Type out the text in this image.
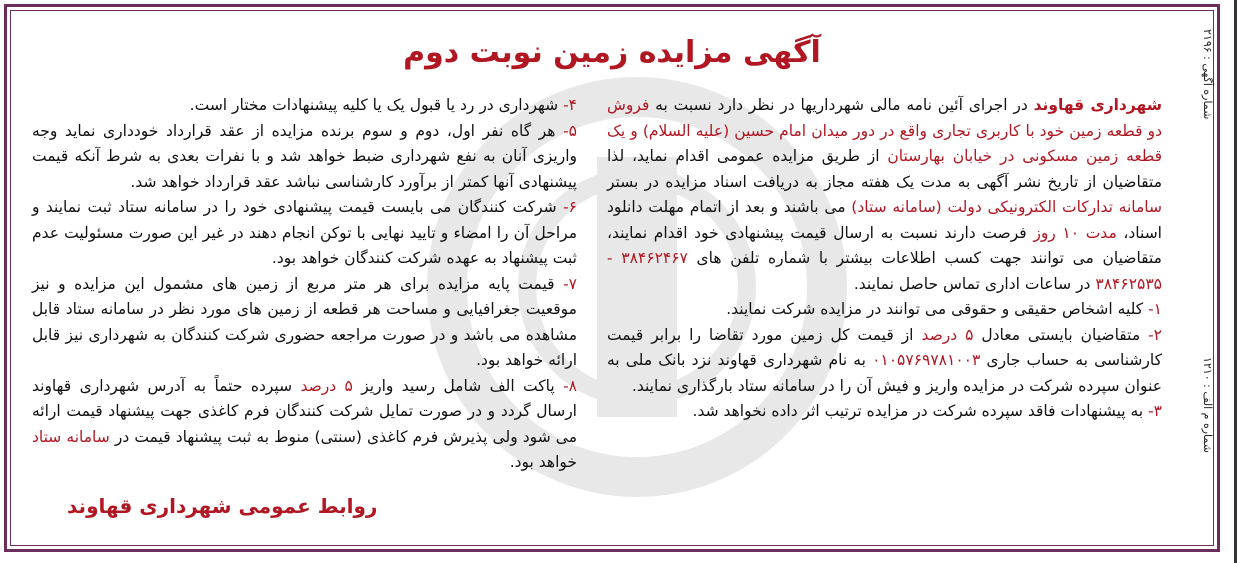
آگهی مزایده زمین نوبت دوم

شهرداری قهاوند در اجرای آئین نامه مالی شهرداریها در نظر دارد نسبت به فروش دو قطعه زمین خود با کاربری تجاری واقع در دور میدان امام حسین (علیه السلام) و یک قطعه زمین مسکونی در خیابان بهارستان از طریق مزایده عمومی اقدام نماید، لذا متقاضیان از تاریخ نشر آگهی به مدت یک هفته مجاز به دریافت اسناد مزایده در بستر سامانه تدارکات الکترونیکی دولت (سامانه ستاد) می باشند و بعد از اتمام مهلت دانلود اسناد، مدت ۱۰ روز فرصت دارند نسبت به ارسال قیمت پیشنهادی خود اقدام نمایند، متقاضیان می توانند جهت کسب اطلاعات بیشتر با شماره تلفن های ۳۸۴۶۲۴۶۷ - ۳۸۴۶۲۵۳۵ در ساعات اداری تماس حاصل نمایند.

۱- کلیه اشخاص حقیقی و حقوقی می توانند در مزایده شرکت نمایند.

۲- متقاضیان بایستی معادل ۵ درصد از قیمت کل زمین مورد تقاضا را برابر قیمت کارشناسی به حساب جاری ۰۱۰۵۷۶۹۷۸۱۰۰۳ به نام شهرداری قهاوند نزد بانک ملی به عنوان سپرده شرکت در مزایده واریز و فیش آن را در سامانه ستاد بارگذاری نمایند.

۳- به پیشنهادات فاقد سپرده شرکت در مزایده ترتیب اثر داده نخواهد شد.

۴- شهرداری در رد یا قبول یک یا کلیه پیشنهادات مختار است.

۵- هر گاه نفر اول، دوم و سوم برنده مزایده از عقد قرارداد خودداری نماید وجه واریزی آنان به نفع شهرداری ضبط خواهد شد و با نفرات بعدی به شرط آنکه قیمت پیشنهادی آنها کمتر از برآورد کارشناسی نباشد عقد قرارداد خواهد شد.

۶- شرکت کنندگان می بایست قیمت پیشنهادی خود را در سامانه ستاد ثبت نمایند و مراحل آن را امضاء و تایید نهایی با توکن انجام دهند در غیر این صورت مسئولیت عدم ثبت پیشنهاد به عهده شرکت کنندگان خواهد بود.

۷- قیمت پایه مزایده برای هر متر مربع از زمین های مشمول این مزایده و نیز موقعیت جغرافیایی و مساحت هر قطعه از زمین های مورد نظر در سامانه ستاد قابل مشاهده می باشد و در صورت مراجعه حضوری شرکت کنندگان به شهرداری نیز قابل ارائه خواهد بود.

۸- پاکت الف شامل رسید واریز ۵ درصد سپرده حتماً به آدرس شهرداری قهاوند ارسال گردد و در صورت تمایل شرکت کنندگان فرم کاغذی جهت پیشنهاد قیمت ارائه می شود ولی پذیرش فرم کاغذی (سنتی) منوط به ثبت پیشنهاد قیمت در سامانه ستاد خواهد بود.

روابط عمومی شهرداری قهاوند
شماره آگهی : ۲۱۹۶
شماره م الف : ۱۲۱۰
